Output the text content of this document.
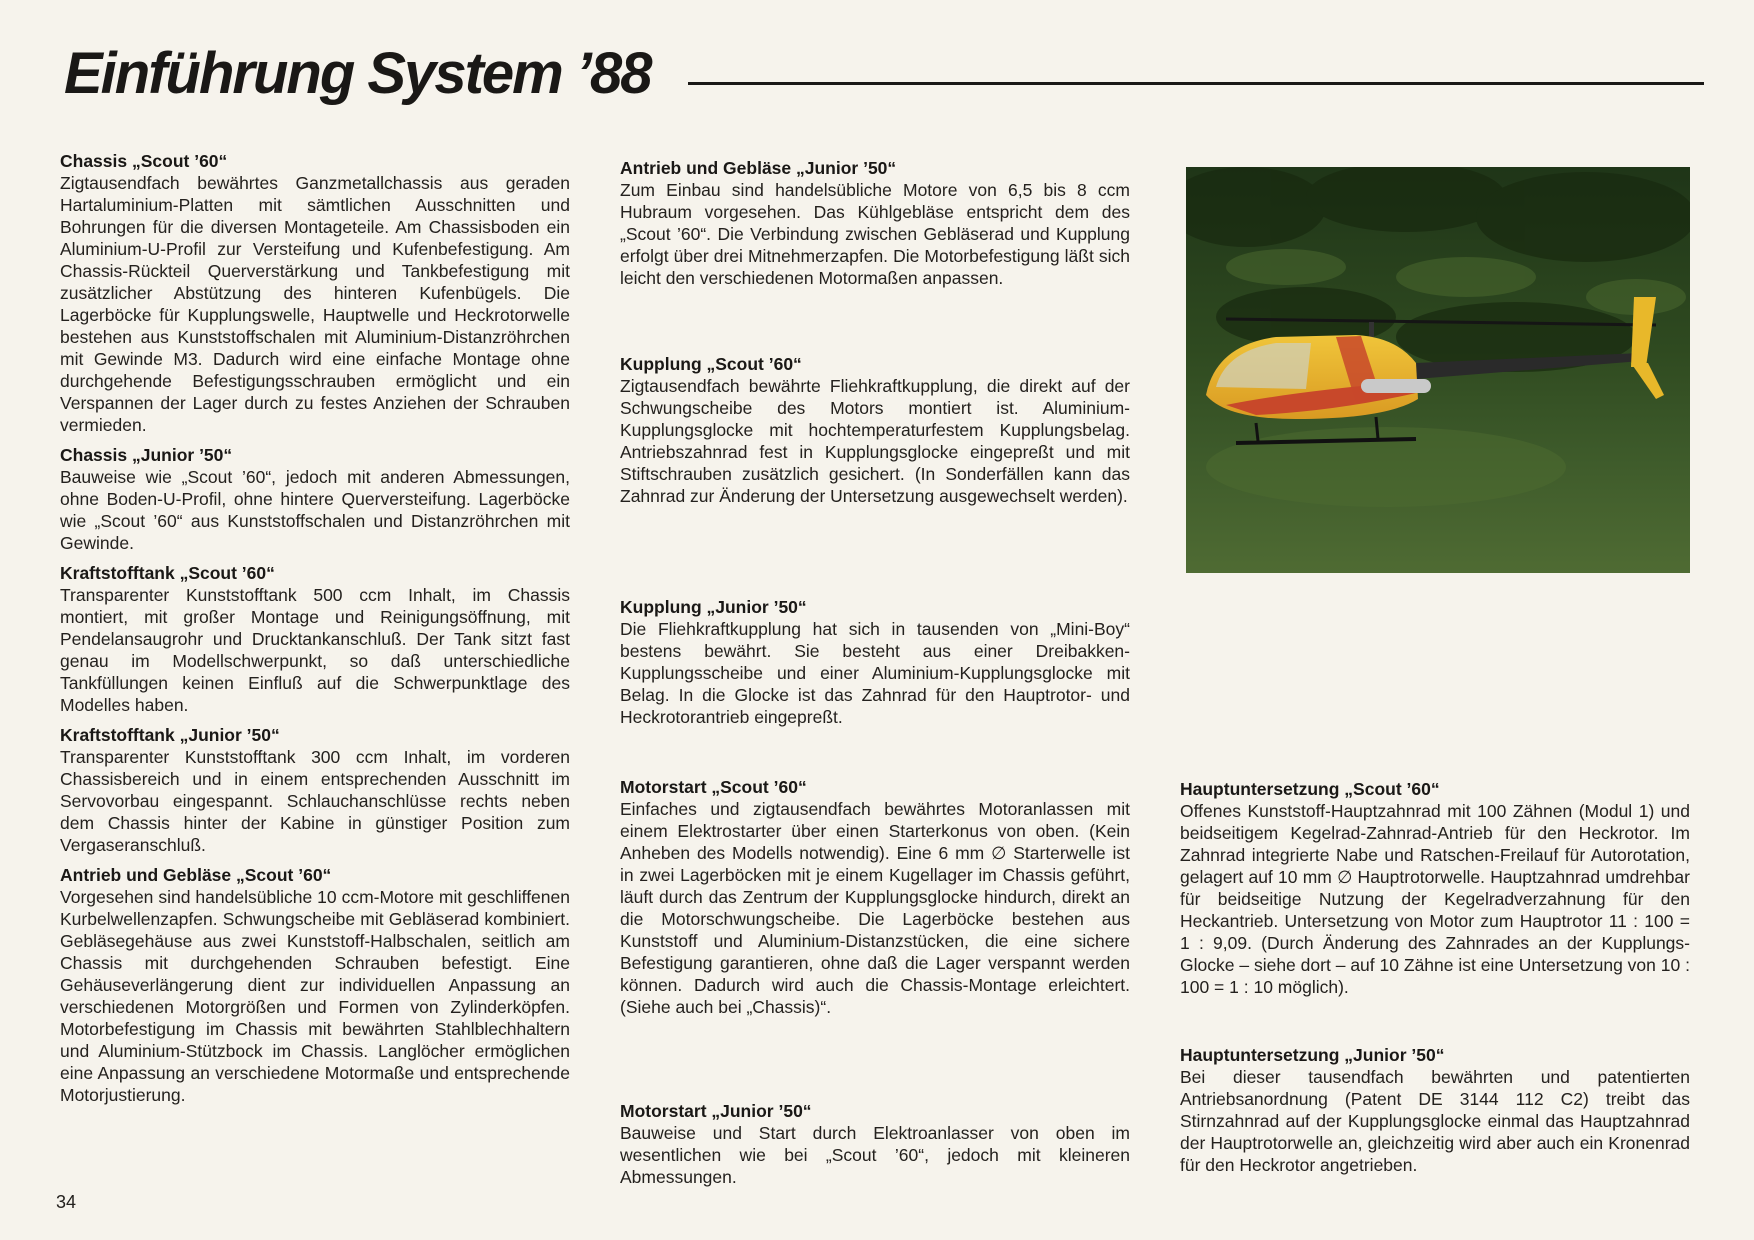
Einführung System ’88
Chassis „Scout ’60“

Zigtausendfach bewährtes Ganzmetallchassis aus geraden Hartaluminium-Platten mit sämtlichen Ausschnitten und Bohrungen für die diversen Montageteile. Am Chassisboden ein Aluminium-U-Profil zur Versteifung und Kufenbefestigung. Am Chassis-Rückteil Querverstärkung und Tankbefestigung mit zusätzlicher Abstützung des hinteren Kufenbügels. Die Lagerböcke für Kupplungswelle, Hauptwelle und Heckrotorwelle bestehen aus Kunststoffschalen mit Aluminium-Distanzröhrchen mit Gewinde M3. Dadurch wird eine einfache Montage ohne durchgehende Befestigungsschrauben ermöglicht und ein Verspannen der Lager durch zu festes Anziehen der Schrauben vermieden.

Chassis „Junior ’50“

Bauweise wie „Scout ’60“, jedoch mit anderen Abmessungen, ohne Boden-U-Profil, ohne hintere Querversteifung. Lagerböcke wie „Scout ’60“ aus Kunststoffschalen und Distanzröhrchen mit Gewinde.

Kraftstofftank „Scout ’60“

Transparenter Kunststofftank 500 ccm Inhalt, im Chassis montiert, mit großer Montage und Reinigungsöffnung, mit Pendelansaugrohr und Drucktankanschluß. Der Tank sitzt fast genau im Modellschwerpunkt, so daß unterschiedliche Tankfüllungen keinen Einfluß auf die Schwerpunktlage des Modelles haben.

Kraftstofftank „Junior ’50“

Transparenter Kunststofftank 300 ccm Inhalt, im vorderen Chassisbereich und in einem entsprechenden Ausschnitt im Servovorbau eingespannt. Schlauchanschlüsse rechts neben dem Chassis hinter der Kabine in günstiger Position zum Vergaseranschluß.

Antrieb und Gebläse „Scout ’60“

Vorgesehen sind handelsübliche 10 ccm-Motore mit geschliffenen Kurbelwellenzapfen. Schwungscheibe mit Gebläserad kombiniert. Gebläsegehäuse aus zwei Kunststoff-Halbschalen, seitlich am Chassis mit durchgehenden Schrauben befestigt. Eine Gehäuseverlängerung dient zur individuellen Anpassung an verschiedenen Motorgrößen und Formen von Zylinderköpfen. Motorbefestigung im Chassis mit bewährten Stahlblechhaltern und Aluminium-Stützbock im Chassis. Langlöcher ermöglichen eine Anpassung an verschiedene Motormaße und entsprechende Motorjustierung.

Antrieb und Gebläse „Junior ’50“

Zum Einbau sind handelsübliche Motore von 6,5 bis 8 ccm Hubraum vorgesehen. Das Kühlgebläse entspricht dem des „Scout ’60“. Die Verbindung zwischen Gebläserad und Kupplung erfolgt über drei Mitnehmerzapfen. Die Motorbefestigung läßt sich leicht den verschiedenen Motormaßen anpassen.

Kupplung „Scout ’60“

Zigtausendfach bewährte Fliehkraftkupplung, die direkt auf der Schwungscheibe des Motors montiert ist. Aluminium-Kupplungsglocke mit hochtemperaturfestem Kupplungsbelag. Antriebszahnrad fest in Kupplungsglocke eingepreßt und mit Stiftschrauben zusätzlich gesichert. (In Sonderfällen kann das Zahnrad zur Änderung der Untersetzung ausgewechselt werden).

Kupplung „Junior ’50“

Die Fliehkraftkupplung hat sich in tausenden von „Mini-Boy“ bestens bewährt. Sie besteht aus einer Dreibakken-Kupplungsscheibe und einer Aluminium-Kupplungsglocke mit Belag. In die Glocke ist das Zahnrad für den Hauptrotor- und Heckrotorantrieb eingepreßt.

Motorstart „Scout ’60“

Einfaches und zigtausendfach bewährtes Motoranlassen mit einem Elektrostarter über einen Starterkonus von oben. (Kein Anheben des Modells notwendig). Eine 6 mm ∅ Starterwelle ist in zwei Lagerböcken mit je einem Kugellager im Chassis geführt, läuft durch das Zentrum der Kupplungsglocke hindurch, direkt an die Motorschwungscheibe. Die Lagerböcke bestehen aus Kunststoff und Aluminium-Distanzstücken, die eine sichere Befestigung garantieren, ohne daß die Lager verspannt werden können. Dadurch wird auch die Chassis-Montage erleichtert. (Siehe auch bei „Chassis)“.

Motorstart „Junior ’50“

Bauweise und Start durch Elektroanlasser von oben im wesentlichen wie bei „Scout ’60“, jedoch mit kleineren Abmessungen.

Hauptuntersetzung „Scout ’60“

Offenes Kunststoff-Hauptzahnrad mit 100 Zähnen (Modul 1) und beidseitigem Kegelrad-Zahnrad-Antrieb für den Heckrotor. Im Zahnrad integrierte Nabe und Ratschen-Freilauf für Autorotation, gelagert auf 10 mm ∅ Hauptrotorwelle. Hauptzahnrad umdrehbar für beidseitige Nutzung der Kegelradverzahnung für den Heckantrieb. Untersetzung von Motor zum Hauptrotor 11 : 100 = 1 : 9,09. (Durch Änderung des Zahnrades an der Kupplungs-Glocke – siehe dort – auf 10 Zähne ist eine Untersetzung von 10 : 100 = 1 : 10 möglich).

Hauptuntersetzung „Junior ’50“

Bei dieser tausendfach bewährten und patentierten Antriebsanordnung (Patent DE 3144 112 C2) treibt das Stirnzahnrad auf der Kupplungsglocke einmal das Hauptzahnrad der Hauptrotorwelle an, gleichzeitig wird aber auch ein Kronenrad für den Heckrotor angetrieben.

34
